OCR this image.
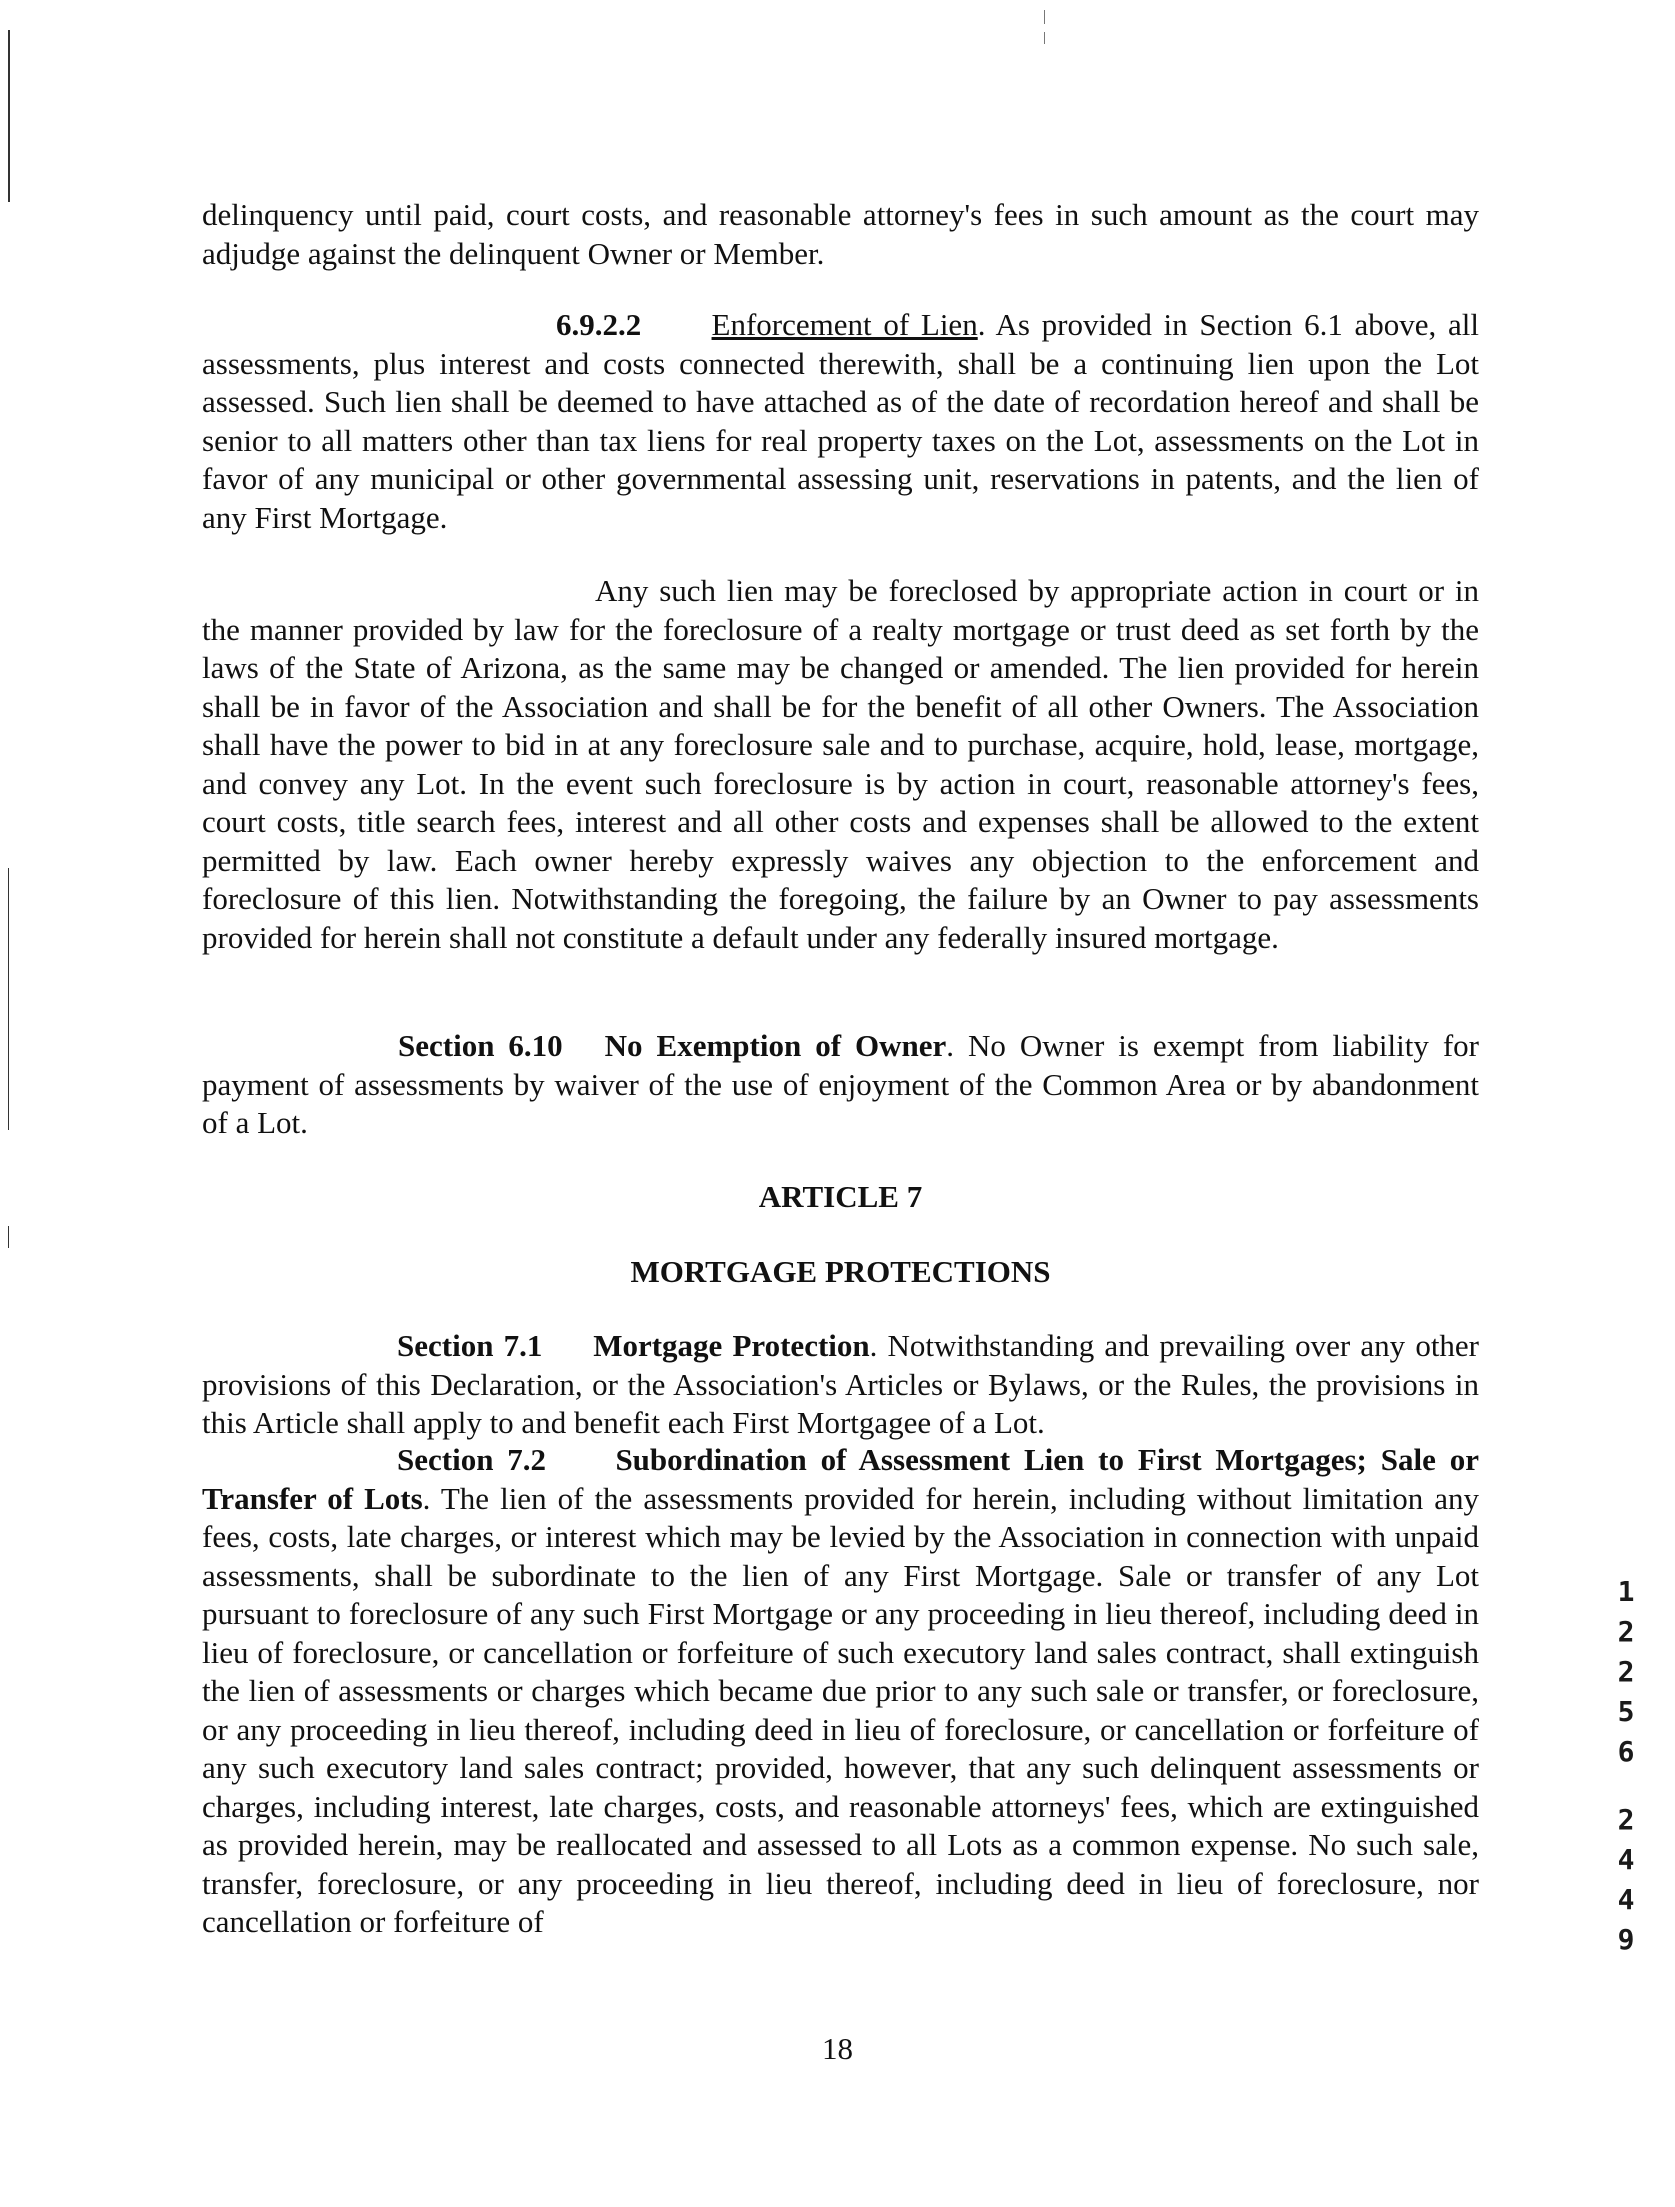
delinquency until paid, court costs, and reasonable attorney's fees in such amount as the court may adjudge against the delinquent Owner or Member.

6.9.2.2 Enforcement of Lien. As provided in Section 6.1 above, all assessments, plus interest and costs connected therewith, shall be a continuing lien upon the Lot assessed. Such lien shall be deemed to have attached as of the date of recordation hereof and shall be senior to all matters other than tax liens for real property taxes on the Lot, assessments on the Lot in favor of any municipal or other governmental assessing unit, reservations in patents, and the lien of any First Mortgage.

Any such lien may be foreclosed by appropriate action in court or in the manner provided by law for the foreclosure of a realty mortgage or trust deed as set forth by the laws of the State of Arizona, as the same may be changed or amended. The lien provided for herein shall be in favor of the Association and shall be for the benefit of all other Owners. The Association shall have the power to bid in at any foreclosure sale and to purchase, acquire, hold, lease, mortgage, and convey any Lot. In the event such foreclosure is by action in court, reasonable attorney's fees, court costs, title search fees, interest and all other costs and expenses shall be allowed to the extent permitted by law. Each owner hereby expressly waives any objection to the enforcement and foreclosure of this lien. Notwithstanding the foregoing, the failure by an Owner to pay assessments provided for herein shall not constitute a default under any federally insured mortgage.

Section 6.10 No Exemption of Owner. No Owner is exempt from liability for payment of assessments by waiver of the use of enjoyment of the Common Area or by abandonment of a Lot.

ARTICLE 7

MORTGAGE PROTECTIONS

Section 7.1 Mortgage Protection. Notwithstanding and prevailing over any other provisions of this Declaration, or the Association's Articles or Bylaws, or the Rules, the provisions in this Article shall apply to and benefit each First Mortgagee of a Lot.

Section 7.2 Subordination of Assessment Lien to First Mortgages; Sale or Transfer of Lots. The lien of the assessments provided for herein, including without limitation any fees, costs, late charges, or interest which may be levied by the Association in connection with unpaid assessments, shall be subordinate to the lien of any First Mortgage. Sale or transfer of any Lot pursuant to foreclosure of any such First Mortgage or any proceeding in lieu thereof, including deed in lieu of foreclosure, or cancellation or forfeiture of such executory land sales contract, shall extinguish the lien of assessments or charges which became due prior to any such sale or transfer, or foreclosure, or any proceeding in lieu thereof, including deed in lieu of foreclosure, or cancellation or forfeiture of any such executory land sales contract; provided, however, that any such delinquent assessments or charges, including interest, late charges, costs, and reasonable attorneys' fees, which are extinguished as provided herein, may be reallocated and assessed to all Lots as a common expense. No such sale, transfer, foreclosure, or any proceeding in lieu thereof, including deed in lieu of foreclosure, nor cancellation or forfeiture of

18

1
2
2
5
6
2
4
4
9
